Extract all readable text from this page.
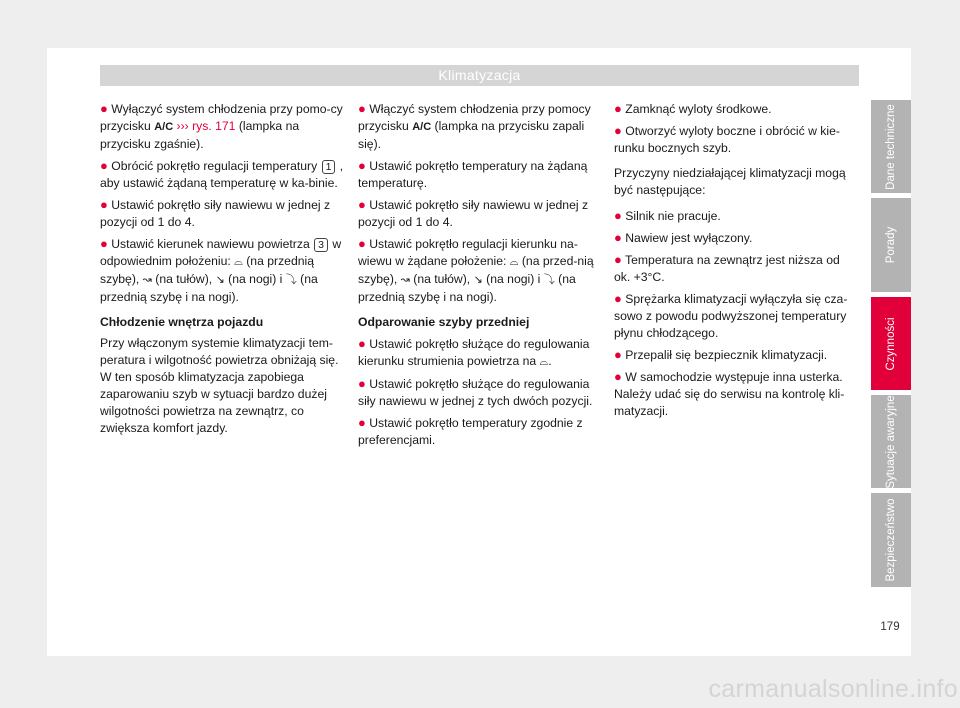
Klimatyzacja

● Wyłączyć system chłodzenia przy pomo-cy przycisku A/C ››› rys. 171 (lampka na przycisku zgaśnie).

● Obrócić pokrętło regulacji temperatury 1 , aby ustawić żądaną temperaturę w ka-binie.

● Ustawić pokrętło siły nawiewu w jednej z pozycji od 1 do 4.

● Ustawić kierunek nawiewu powietrza 3 w odpowiednim położeniu: ⌓ (na przednią szybę), ↝ (na tułów), ↘ (na nogi) i ⤵ (na przednią szybę i na nogi).

Chłodzenie wnętrza pojazdu

Przy włączonym systemie klimatyzacji tem-peratura i wilgotność powietrza obniżają się. W ten sposób klimatyzacja zapobiega zaparowaniu szyb w sytuacji bardzo dużej wilgotności powietrza na zewnątrz, co zwiększa komfort jazdy.

● Włączyć system chłodzenia przy pomocy przycisku A/C (lampka na przycisku zapali się).

● Ustawić pokrętło temperatury na żądaną temperaturę.

● Ustawić pokrętło siły nawiewu w jednej z pozycji od 1 do 4.

● Ustawić pokrętło regulacji kierunku na-wiewu w żądane położenie: ⌓ (na przed-nią szybę), ↝ (na tułów), ↘ (na nogi) i ⤵ (na przednią szybę i na nogi).

Odparowanie szyby przedniej

● Ustawić pokrętło służące do regulowania kierunku strumienia powietrza na ⌓.

● Ustawić pokrętło służące do regulowania siły nawiewu w jednej z tych dwóch pozycji.

● Ustawić pokrętło temperatury zgodnie z preferencjami.

● Zamknąć wyloty środkowe.

● Otworzyć wyloty boczne i obrócić w kie-runku bocznych szyb.

Przyczyny niedziałającej klimatyzacji mogą być następujące:

● Silnik nie pracuje.

● Nawiew jest wyłączony.

● Temperatura na zewnątrz jest niższa od ok. +3°C.

● Sprężarka klimatyzacji wyłączyła się cza-sowo z powodu podwyższonej temperatury płynu chłodzącego.

● Przepalił się bezpiecznik klimatyzacji.

● W samochodzie występuje inna usterka. Należy udać się do serwisu na kontrolę kli-matyzacji.

Dane techniczne
Porady
Czynności
Sytuacje awaryjne
Bezpieczeństwo
179
carmanualsonline.info
